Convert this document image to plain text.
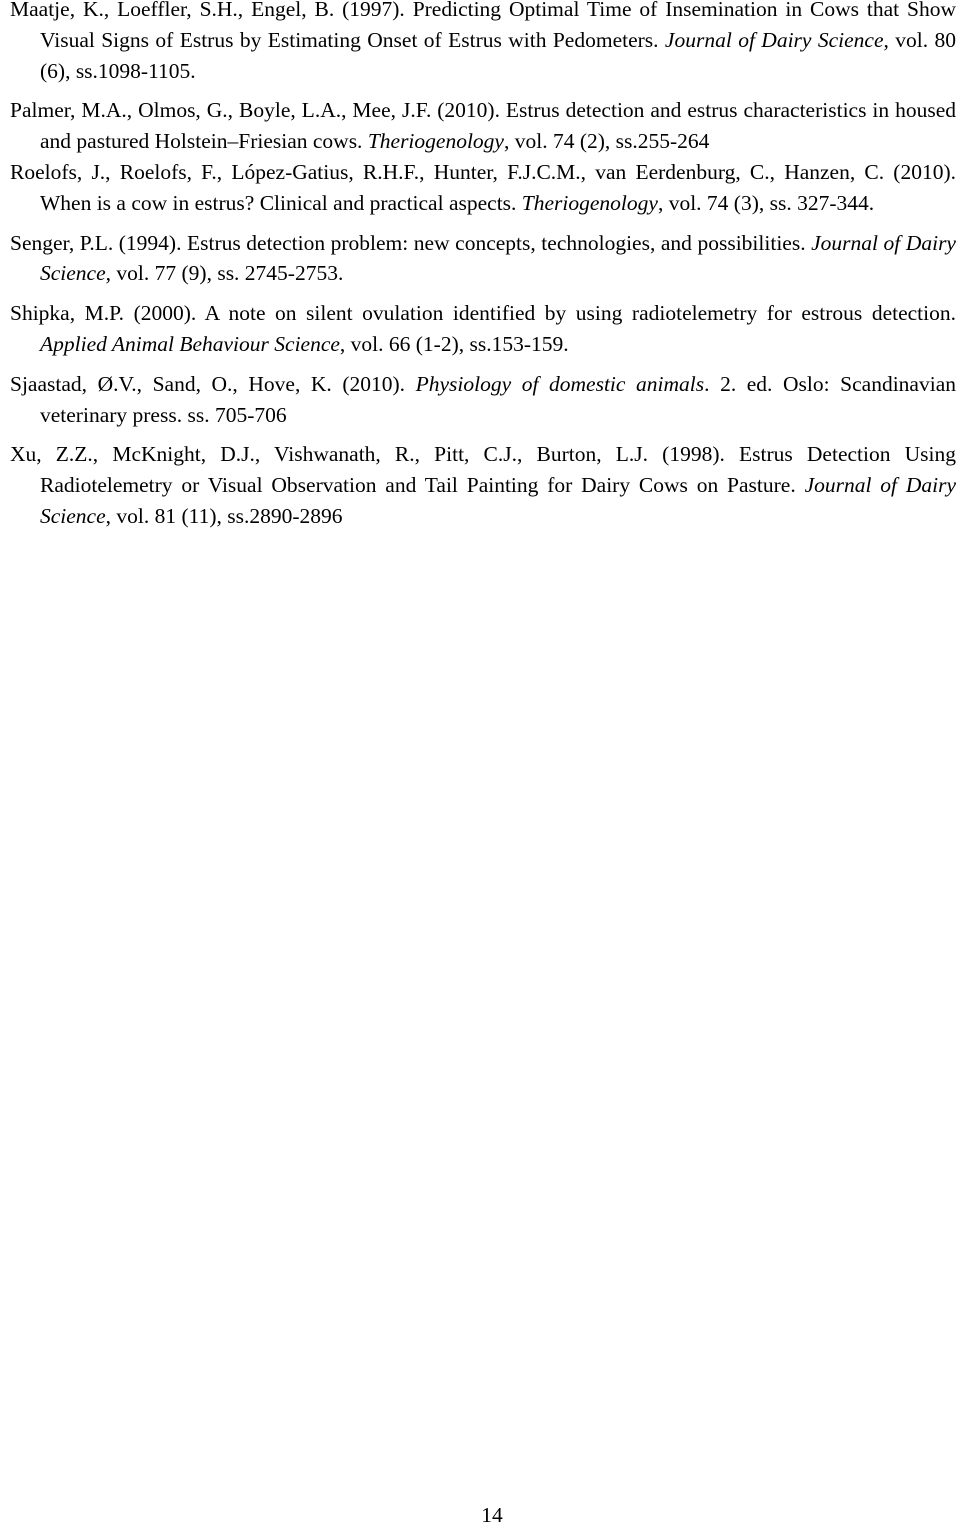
Maatje, K., Loeffler, S.H., Engel, B. (1997). Predicting Optimal Time of Insemination in Cows that Show Visual Signs of Estrus by Estimating Onset of Estrus with Pedometers. Journal of Dairy Science, vol. 80 (6), ss.1098-1105.

Palmer, M.A., Olmos, G., Boyle, L.A., Mee, J.F. (2010). Estrus detection and estrus characteristics in housed and pastured Holstein–Friesian cows. Theriogenology, vol. 74 (2), ss.255-264

Roelofs, J., Roelofs, F., López-Gatius, R.H.F., Hunter, F.J.C.M., van Eerdenburg, C., Hanzen, C. (2010). When is a cow in estrus? Clinical and practical aspects. Theriogenology, vol. 74 (3), ss. 327-344.

Senger, P.L. (1994). Estrus detection problem: new concepts, technologies, and possibilities. Journal of Dairy Science, vol. 77 (9), ss. 2745-2753.

Shipka, M.P. (2000). A note on silent ovulation identified by using radiotelemetry for estrous detection. Applied Animal Behaviour Science, vol. 66 (1-2), ss.153-159.

Sjaastad, Ø.V., Sand, O., Hove, K. (2010). Physiology of domestic animals. 2. ed. Oslo: Scandinavian veterinary press. ss. 705-706

Xu, Z.Z., McKnight, D.J., Vishwanath, R., Pitt, C.J., Burton, L.J. (1998). Estrus Detection Using Radiotelemetry or Visual Observation and Tail Painting for Dairy Cows on Pasture. Journal of Dairy Science, vol. 81 (11), ss.2890-2896

14
